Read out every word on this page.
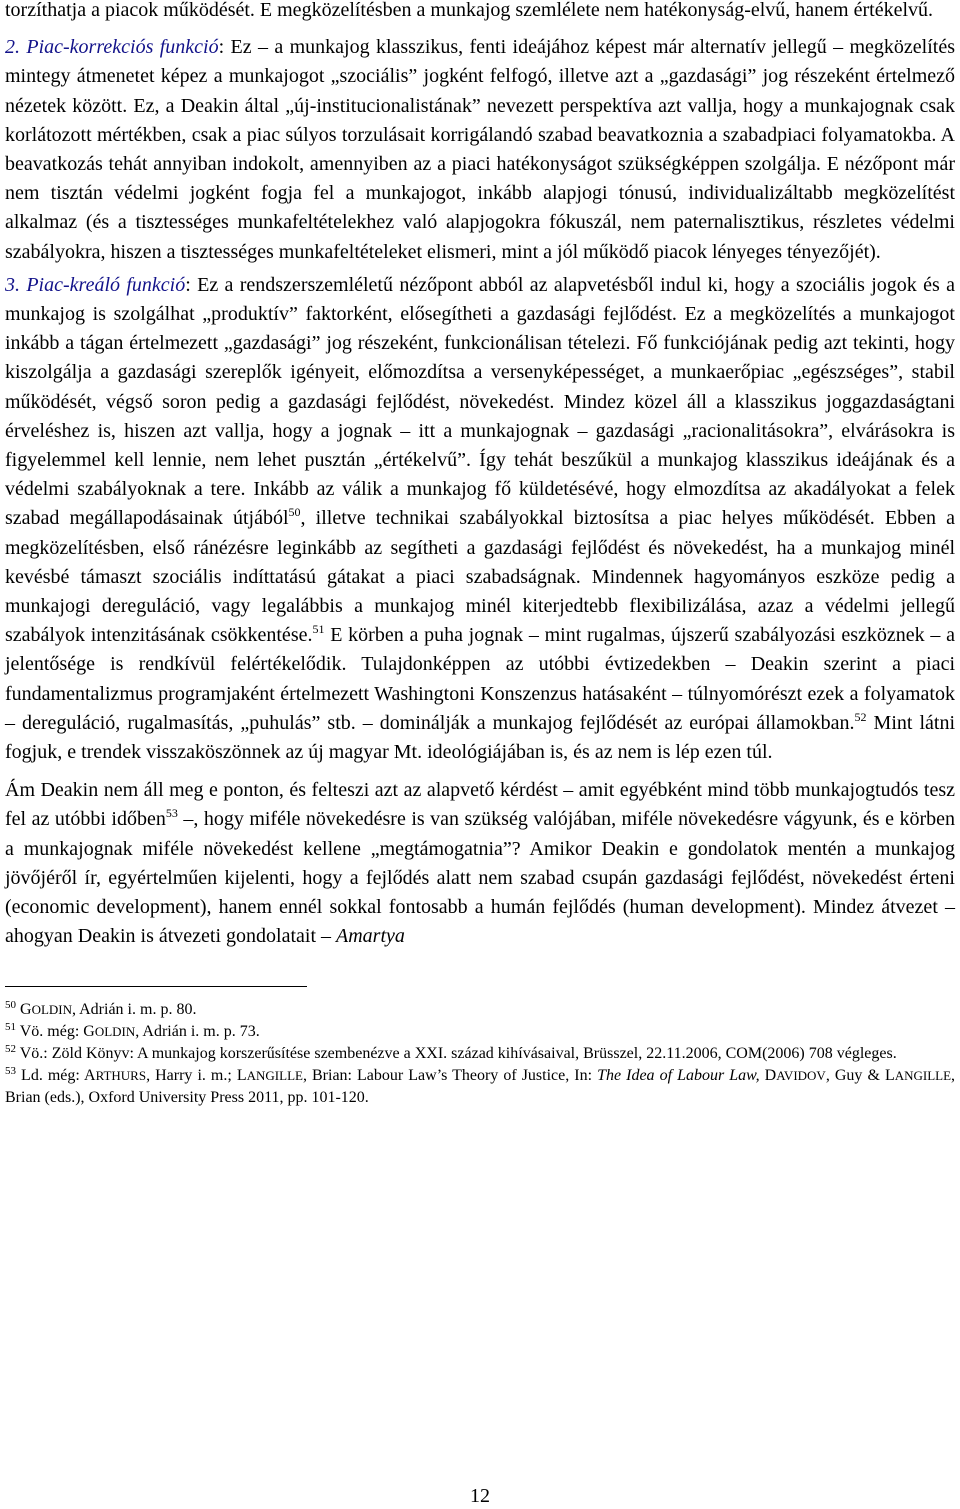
torzíthatja a piacok működését. E megközelítésben a munkajog szemlélete nem hatékonyság-elvű, hanem értékelvű.

2. Piac-korrekciós funkció: Ez – a munkajog klasszikus, fenti ideájához képest már alternatív jellegű – megközelítés mintegy átmenetet képez a munkajogot „szociális” jogként felfogó, illetve azt a „gazdasági” jog részeként értelmező nézetek között. Ez, a Deakin által „új-institucionalistának” nevezett perspektíva azt vallja, hogy a munkajognak csak korlátozott mértékben, csak a piac súlyos torzulásait korrigálandó szabad beavatkoznia a szabadpiaci folyamatokba. A beavatkozás tehát annyiban indokolt, amennyiben az a piaci hatékonyságot szükségképpen szolgálja. E nézőpont már nem tisztán védelmi jogként fogja fel a munkajogot, inkább alapjogi tónusú, individualizáltabb megközelítést alkalmaz (és a tisztességes munkafeltételekhez való alapjogokra fókuszál, nem paternalisztikus, részletes védelmi szabályokra, hiszen a tisztességes munkafeltételeket elismeri, mint a jól működő piacok lényeges tényezőjét).

3. Piac-kreáló funkció: Ez a rendszerszemléletű nézőpont abból az alapvetésből indul ki, hogy a szociális jogok és a munkajog is szolgálhat „produktív” faktorként, elősegítheti a gazdasági fejlődést. Ez a megközelítés a munkajogot inkább a tágan értelmezett „gazdasági” jog részeként, funkcionálisan tételezi. Fő funkciójának pedig azt tekinti, hogy kiszolgálja a gazdasági szereplők igényeit, előmozdítsa a versenyképességet, a munkaerőpiac „egészséges”, stabil működését, végső soron pedig a gazdasági fejlődést, növekedést. Mindez közel áll a klasszikus joggazdaságtani érveléshez is, hiszen azt vallja, hogy a jognak – itt a munkajognak – gazdasági „racionalitásokra”, elvárásokra is figyelemmel kell lennie, nem lehet pusztán „értékelvű”. Így tehát beszűkül a munkajog klasszikus ideájának és a védelmi szabályoknak a tere. Inkább az válik a munkajog fő küldetésévé, hogy elmozdítsa az akadályokat a felek szabad megállapodásainak útjából$^{50}$, illetve technikai szabályokkal biztosítsa a piac helyes működését. Ebben a megközelítésben, első ránézésre leginkább az segítheti a gazdasági fejlődést és növekedést, ha a munkajog minél kevésbé támaszt szociális indíttatású gátakat a piaci szabadságnak. Mindennek hagyományos eszköze pedig a munkajogi dereguláció, vagy legalábbis a munkajog minél kiterjedtebb flexibilizálása, azaz a védelmi jellegű szabályok intenzitásának csökkentése.$^{51}$ E körben a puha jognak – mint rugalmas, újszerű szabályozási eszköznek – a jelentősége is rendkívül felértékelődik. Tulajdonképpen az utóbbi évtizedekben – Deakin szerint a piaci fundamentalizmus programjaként értelmezett Washingtoni Konszenzus hatásaként – túlnyomórészt ezek a folyamatok – dereguláció, rugalmasítás, „puhulás” stb. – dominálják a munkajog fejlődését az európai államokban.$^{52}$ Mint látni fogjuk, e trendek visszaköszönnek az új magyar Mt. ideológiájában is, és az nem is lép ezen túl.

Ám Deakin nem áll meg e ponton, és felteszi azt az alapvető kérdést – amit egyébként mind több munkajogtudós tesz fel az utóbbi időben$^{53}$ –, hogy miféle növekedésre is van szükség valójában, miféle növekedésre vágyunk, és e körben a munkajognak miféle növekedést kellene „megtámogatnia”? Amikor Deakin e gondolatok mentén a munkajog jövőjéről ír, egyértelműen kijelenti, hogy a fejlődés alatt nem szabad csupán gazdasági fejlődést, növekedést érteni (economic development), hanem ennél sokkal fontosabb a humán fejlődés (human development). Mindez átvezet – ahogyan Deakin is átvezeti gondolatait – Amartya

$^{50}$ GOLDIN, Adrián i. m. p. 80.

$^{51}$ Vö. még: GOLDIN, Adrián i. m. p. 73.

$^{52}$ Vö.: Zöld Könyv: A munkajog korszerűsítése szembenézve a XXI. század kihívásaival, Brüsszel, 22.11.2006, COM(2006) 708 végleges.

$^{53}$ Ld. még: ARTHURS, Harry i. m.; LANGILLE, Brian: Labour Law’s Theory of Justice, In: The Idea of Labour Law, DAVIDOV, Guy & LANGILLE, Brian (eds.), Oxford University Press 2011, pp. 101-120.

12
